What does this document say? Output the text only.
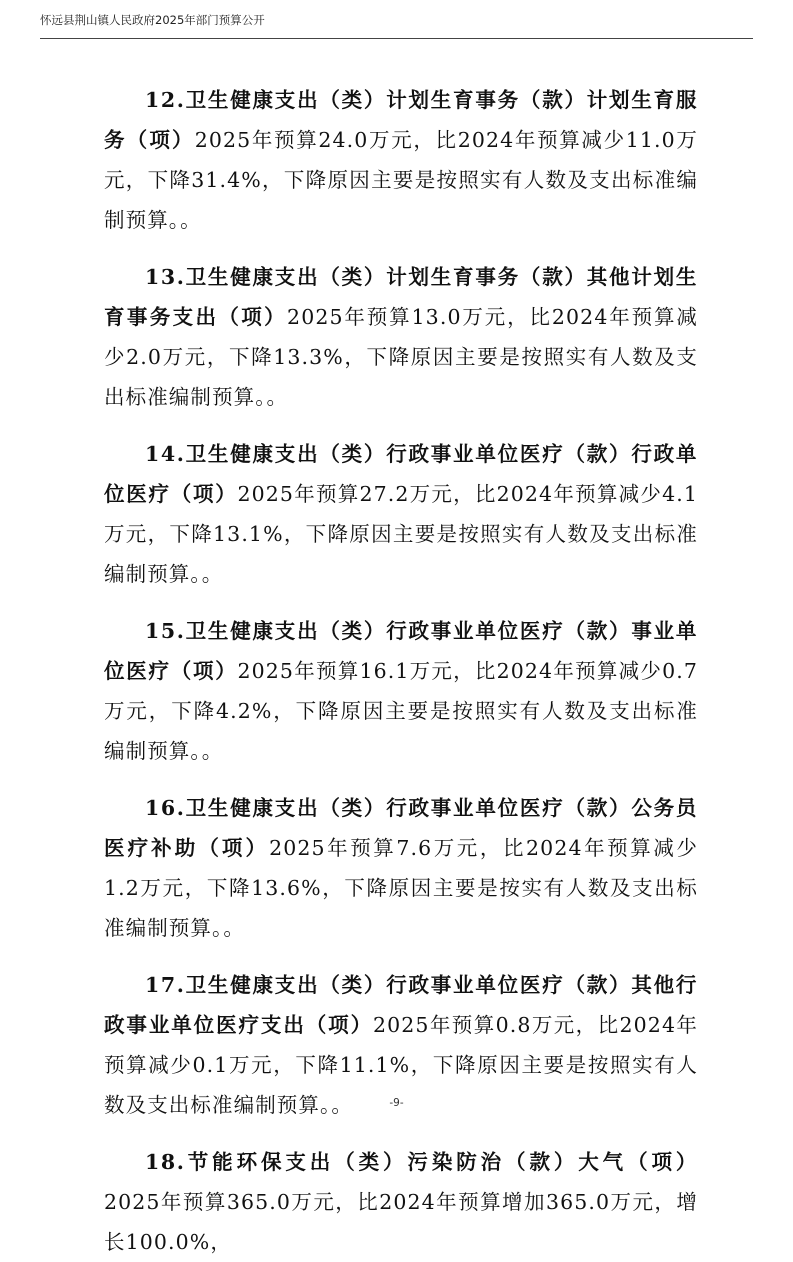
怀远县荆山镇人民政府2025年部门预算公开

12.卫生健康支出（类）计划生育事务（款）计划生育服务（项）2025年预算24.0万元，比2024年预算减少11.0万元，下降31.4%，下降原因主要是按照实有人数及支出标准编制预算。。

13.卫生健康支出（类）计划生育事务（款）其他计划生育事务支出（项）2025年预算13.0万元，比2024年预算减少2.0万元，下降13.3%，下降原因主要是按照实有人数及支出标准编制预算。。

14.卫生健康支出（类）行政事业单位医疗（款）行政单位医疗（项）2025年预算27.2万元，比2024年预算减少4.1万元，下降13.1%，下降原因主要是按照实有人数及支出标准编制预算。。

15.卫生健康支出（类）行政事业单位医疗（款）事业单位医疗（项）2025年预算16.1万元，比2024年预算减少0.7万元，下降4.2%，下降原因主要是按照实有人数及支出标准编制预算。。

16.卫生健康支出（类）行政事业单位医疗（款）公务员医疗补助（项）2025年预算7.6万元，比2024年预算减少1.2万元，下降13.6%，下降原因主要是按实有人数及支出标准编制预算。。

17.卫生健康支出（类）行政事业单位医疗（款）其他行政事业单位医疗支出（项）2025年预算0.8万元，比2024年预算减少0.1万元，下降11.1%，下降原因主要是按照实有人数及支出标准编制预算。。

18.节能环保支出（类）污染防治（款）大气（项）2025年预算365.0万元，比2024年预算增加365.0万元，增长100.0%，

-9-
